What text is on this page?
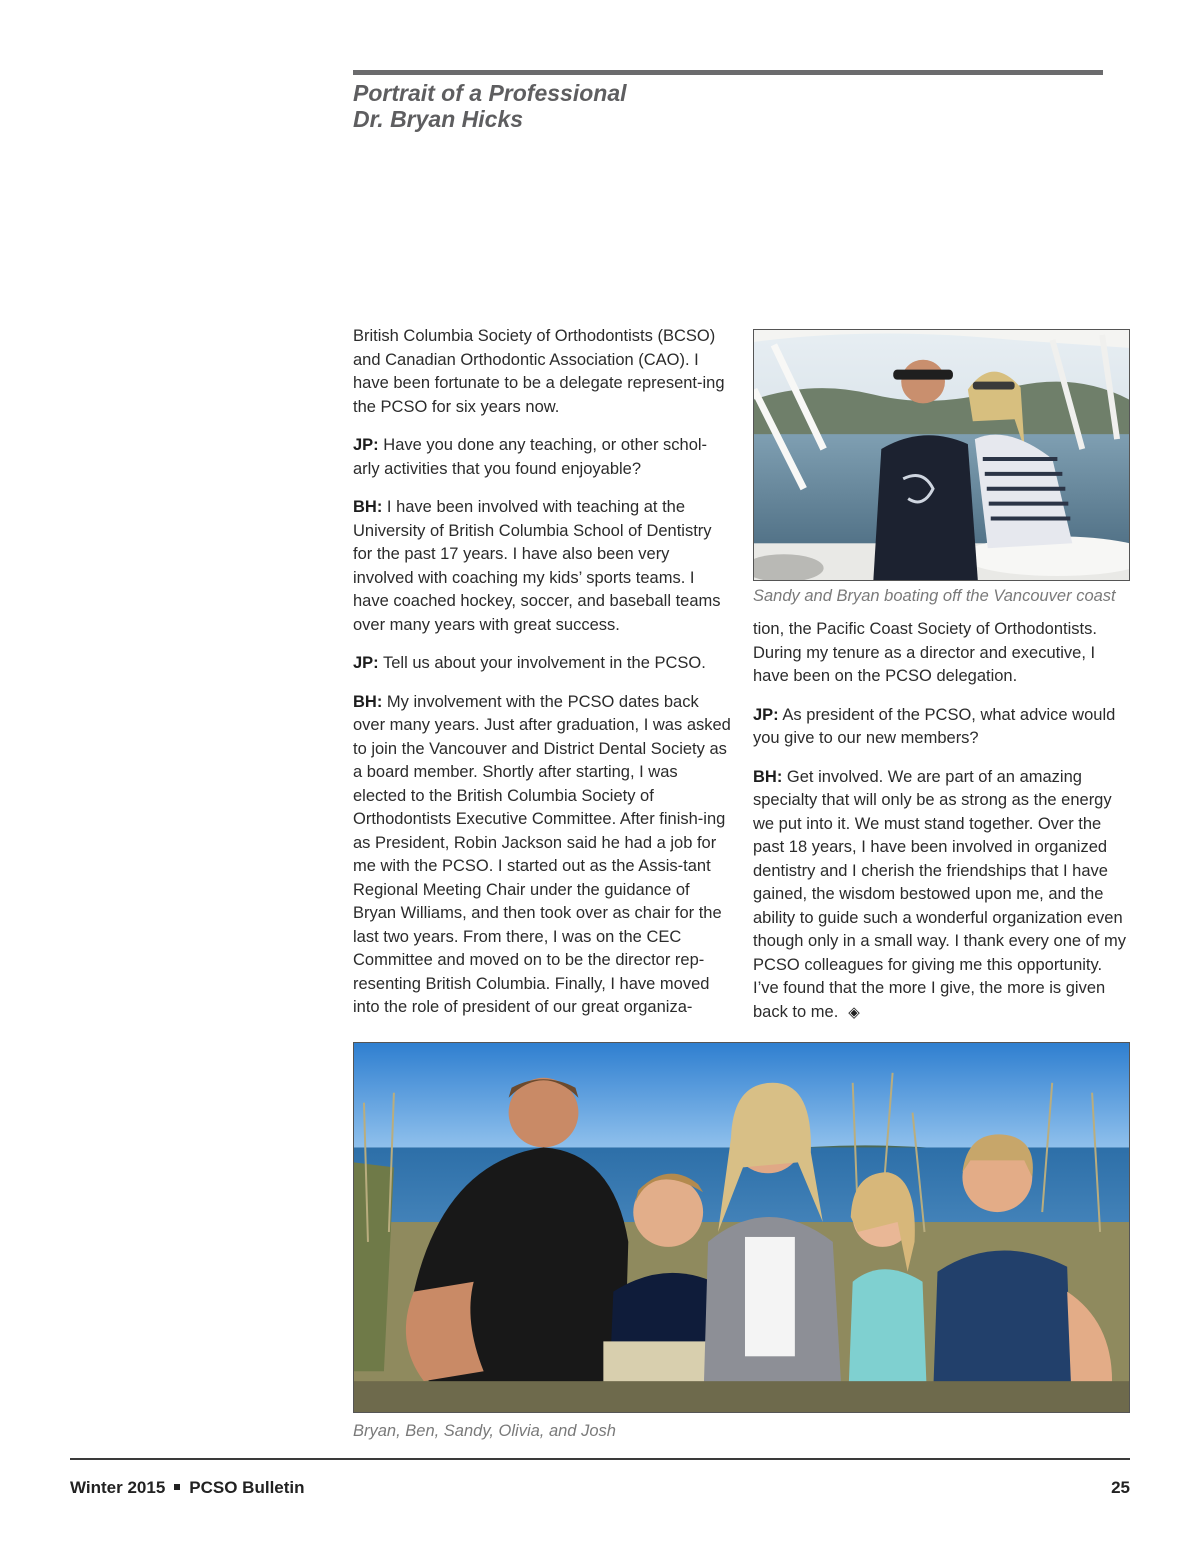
Portrait of a Professional
Dr. Bryan Hicks

British Columbia Society of Orthodontists (BCSO) and Canadian Orthodontic Association (CAO). I have been fortunate to be a delegate represent-ing the PCSO for six years now.

JP: Have you done any teaching, or other schol-arly activities that you found enjoyable?

BH: I have been involved with teaching at the University of British Columbia School of Dentistry for the past 17 years. I have also been very involved with coaching my kids’ sports teams. I have coached hockey, soccer, and baseball teams over many years with great success.

JP: Tell us about your involvement in the PCSO.

BH: My involvement with the PCSO dates back over many years. Just after graduation, I was asked to join the Vancouver and District Dental Society as a board member. Shortly after starting, I was elected to the British Columbia Society of Orthodontists Executive Committee. After finish-ing as President, Robin Jackson said he had a job for me with the PCSO. I started out as the Assis-tant Regional Meeting Chair under the guidance of Bryan Williams, and then took over as chair for the last two years. From there, I was on the CEC Committee and moved on to be the director rep-resenting British Columbia. Finally, I have moved into the role of president of our great organiza-

Sandy and Bryan boating off the Vancouver coast

tion, the Pacific Coast Society of Orthodontists. During my tenure as a director and executive, I have been on the PCSO delegation.

JP: As president of the PCSO, what advice would you give to our new members?

BH: Get involved. We are part of an amazing specialty that will only be as strong as the energy we put into it. We must stand together. Over the past 18 years, I have been involved in organized dentistry and I cherish the friendships that I have gained, the wisdom bestowed upon me, and the ability to guide such a wonderful organization even though only in a small way. I thank every one of my PCSO colleagues for giving me this opportunity. I’ve found that the more I give, the more is given back to me. ◈

Bryan, Ben, Sandy, Olivia, and Josh
Winter 2015 PCSO Bulletin	25
